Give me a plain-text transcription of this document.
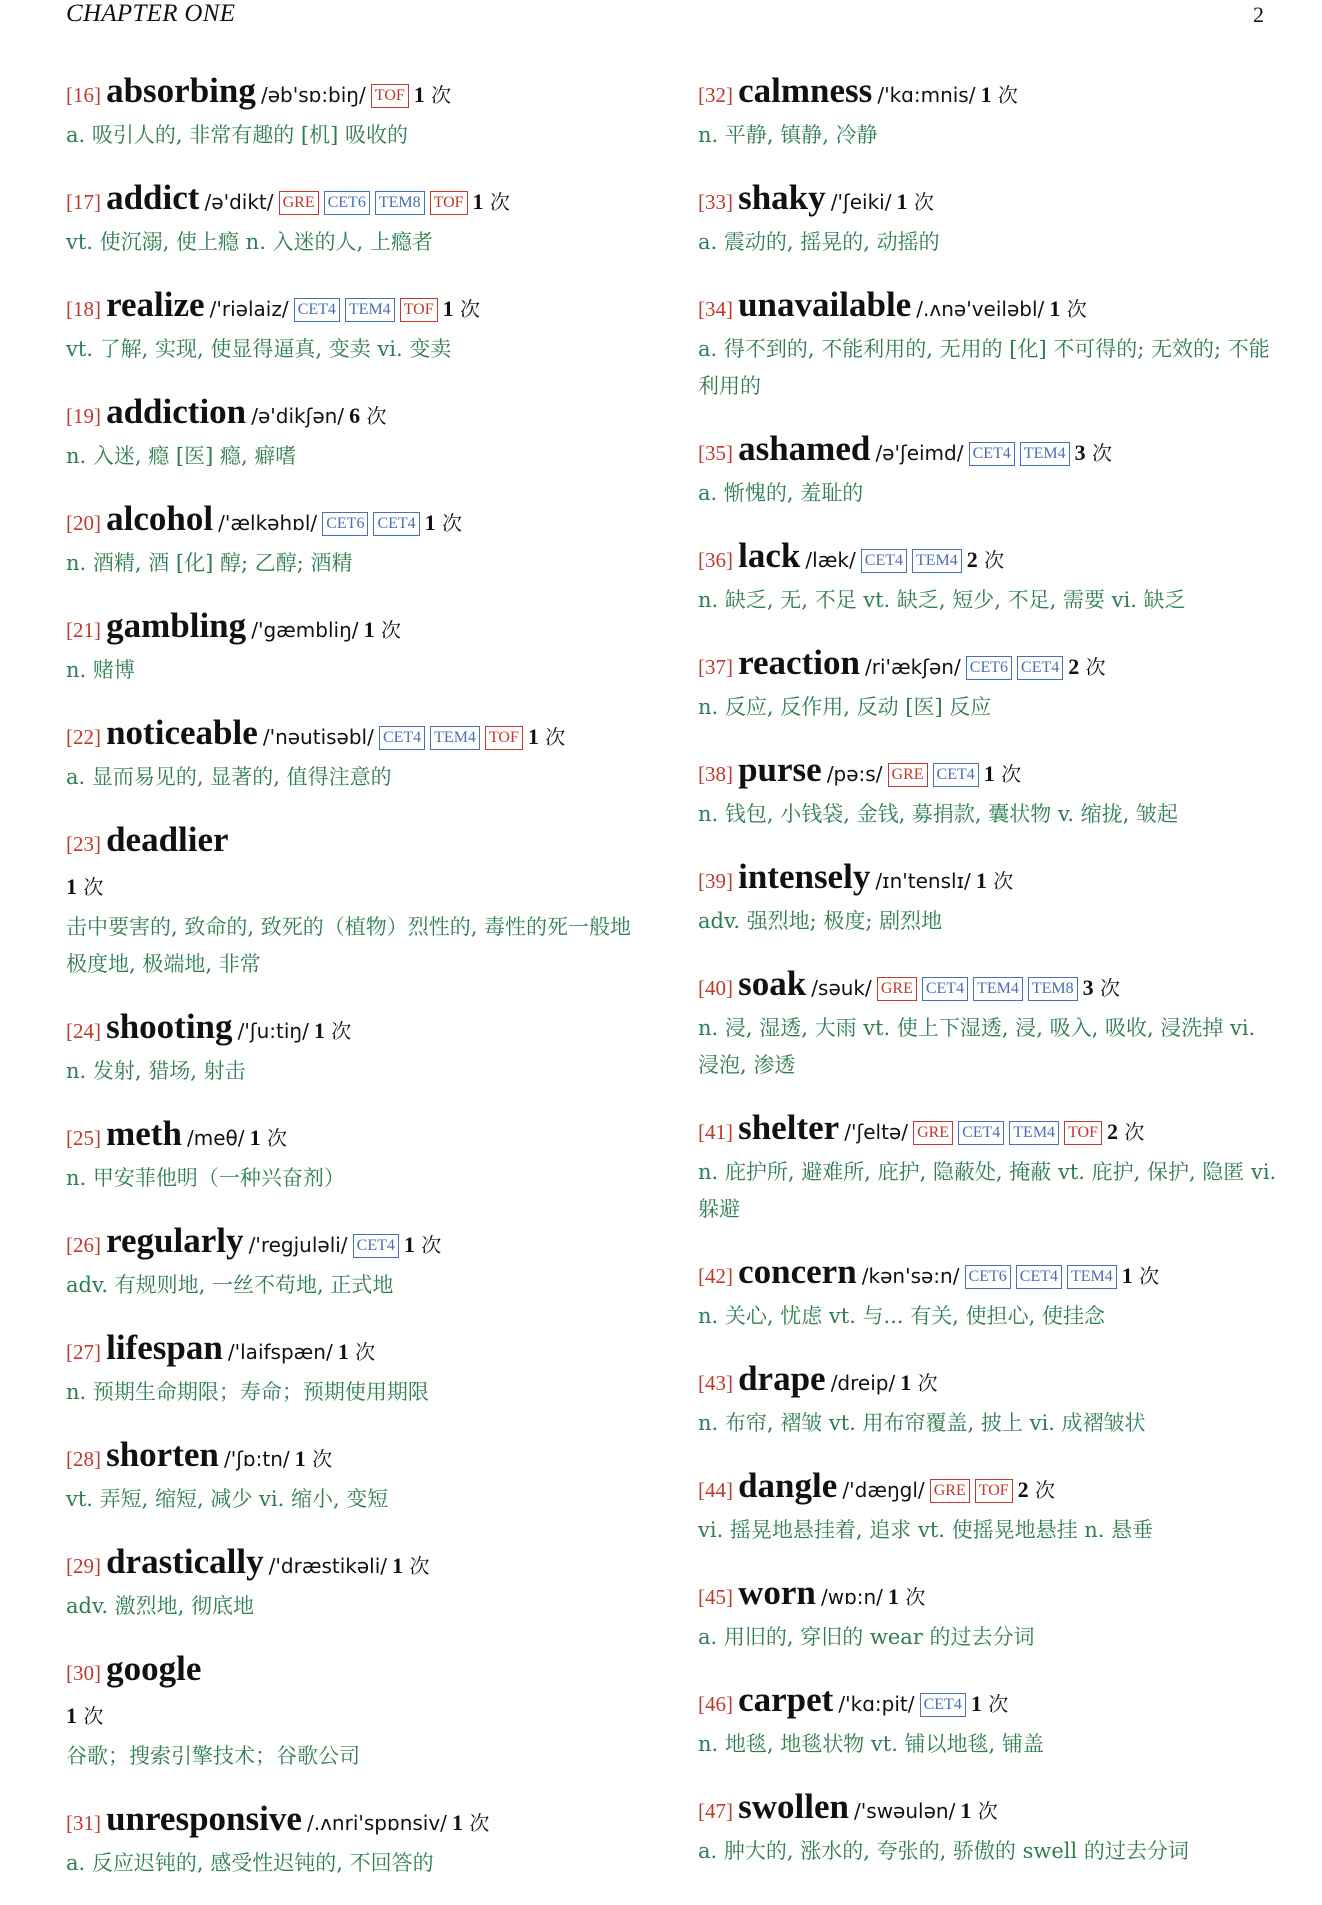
CHAPTER ONE	2
[16] absorbing /əb'sɒ:biŋ/ TOF 1 次
a. 吸引人的, 非常有趣的 [机] 吸收的
[17] addict /ə'dikt/ GRE CET6 TEM8 TOF 1 次
vt. 使沉溺, 使上瘾 n. 入迷的人, 上瘾者
[18] realize /'riəlaiz/ CET4 TEM4 TOF 1 次
vt. 了解, 实现, 使显得逼真, 变卖 vi. 变卖
[19] addiction /ə'dikʃən/ 6 次
n. 入迷, 瘾 [医] 瘾, 癖嗜
[20] alcohol /'ælkəhɒl/ CET6 CET4 1 次
n. 酒精, 酒 [化] 醇; 乙醇; 酒精
[21] gambling /'gæmbliŋ/ 1 次
n. 赌博
[22] noticeable /'nəutisəbl/ CET4 TEM4 TOF 1 次
a. 显而易见的, 显著的, 值得注意的
[23] deadlier
1 次
击中要害的, 致命的, 致死的（植物）烈性的, 毒性的死一般地极度地, 极端地, 非常
[24] shooting /'ʃu:tiŋ/ 1 次
n. 发射, 猎场, 射击
[25] meth /meθ/ 1 次
n. 甲安菲他明（一种兴奋剂）
[26] regularly /'regjuləli/ CET4 1 次
adv. 有规则地, 一丝不苟地, 正式地
[27] lifespan /'laifspæn/ 1 次
n. 预期生命期限；寿命；预期使用期限
[28] shorten /'ʃɒ:tn/ 1 次
vt. 弄短, 缩短, 减少 vi. 缩小, 变短
[29] drastically /'dræstikəli/ 1 次
adv. 激烈地, 彻底地
[30] google
1 次
谷歌；搜索引擎技术；谷歌公司
[31] unresponsive /.ʌnri'spɒnsiv/ 1 次
a. 反应迟钝的, 感受性迟钝的, 不回答的
[32] calmness /'kɑ:mnis/ 1 次
n. 平静, 镇静, 冷静
[33] shaky /'ʃeiki/ 1 次
a. 震动的, 摇晃的, 动摇的
[34] unavailable /.ʌnə'veiləbl/ 1 次
a. 得不到的, 不能利用的, 无用的 [化] 不可得的; 无效的; 不能利用的
[35] ashamed /ə'ʃeimd/ CET4 TEM4 3 次
a. 惭愧的, 羞耻的
[36] lack /læk/ CET4 TEM4 2 次
n. 缺乏, 无, 不足 vt. 缺乏, 短少, 不足, 需要 vi. 缺乏
[37] reaction /ri'ækʃən/ CET6 CET4 2 次
n. 反应, 反作用, 反动 [医] 反应
[38] purse /pə:s/ GRE CET4 1 次
n. 钱包, 小钱袋, 金钱, 募捐款, 囊状物 v. 缩拢, 皱起
[39] intensely /ɪn'tenslɪ/ 1 次
adv. 强烈地; 极度; 剧烈地
[40] soak /səuk/ GRE CET4 TEM4 TEM8 3 次
n. 浸, 湿透, 大雨 vt. 使上下湿透, 浸, 吸入, 吸收, 浸洗掉 vi. 浸泡, 渗透
[41] shelter /'ʃeltə/ GRE CET4 TEM4 TOF 2 次
n. 庇护所, 避难所, 庇护, 隐蔽处, 掩蔽 vt. 庇护, 保护, 隐匿 vi. 躲避
[42] concern /kən'sə:n/ CET6 CET4 TEM4 1 次
n. 关心, 忧虑 vt. 与... 有关, 使担心, 使挂念
[43] drape /dreip/ 1 次
n. 布帘, 褶皱 vt. 用布帘覆盖, 披上 vi. 成褶皱状
[44] dangle /'dæŋgl/ GRE TOF 2 次
vi. 摇晃地悬挂着, 追求 vt. 使摇晃地悬挂 n. 悬垂
[45] worn /wɒ:n/ 1 次
a. 用旧的, 穿旧的 wear 的过去分词
[46] carpet /'kɑ:pit/ CET4 1 次
n. 地毯, 地毯状物 vt. 铺以地毯, 铺盖
[47] swollen /'swəulən/ 1 次
a. 肿大的, 涨水的, 夸张的, 骄傲的 swell 的过去分词
